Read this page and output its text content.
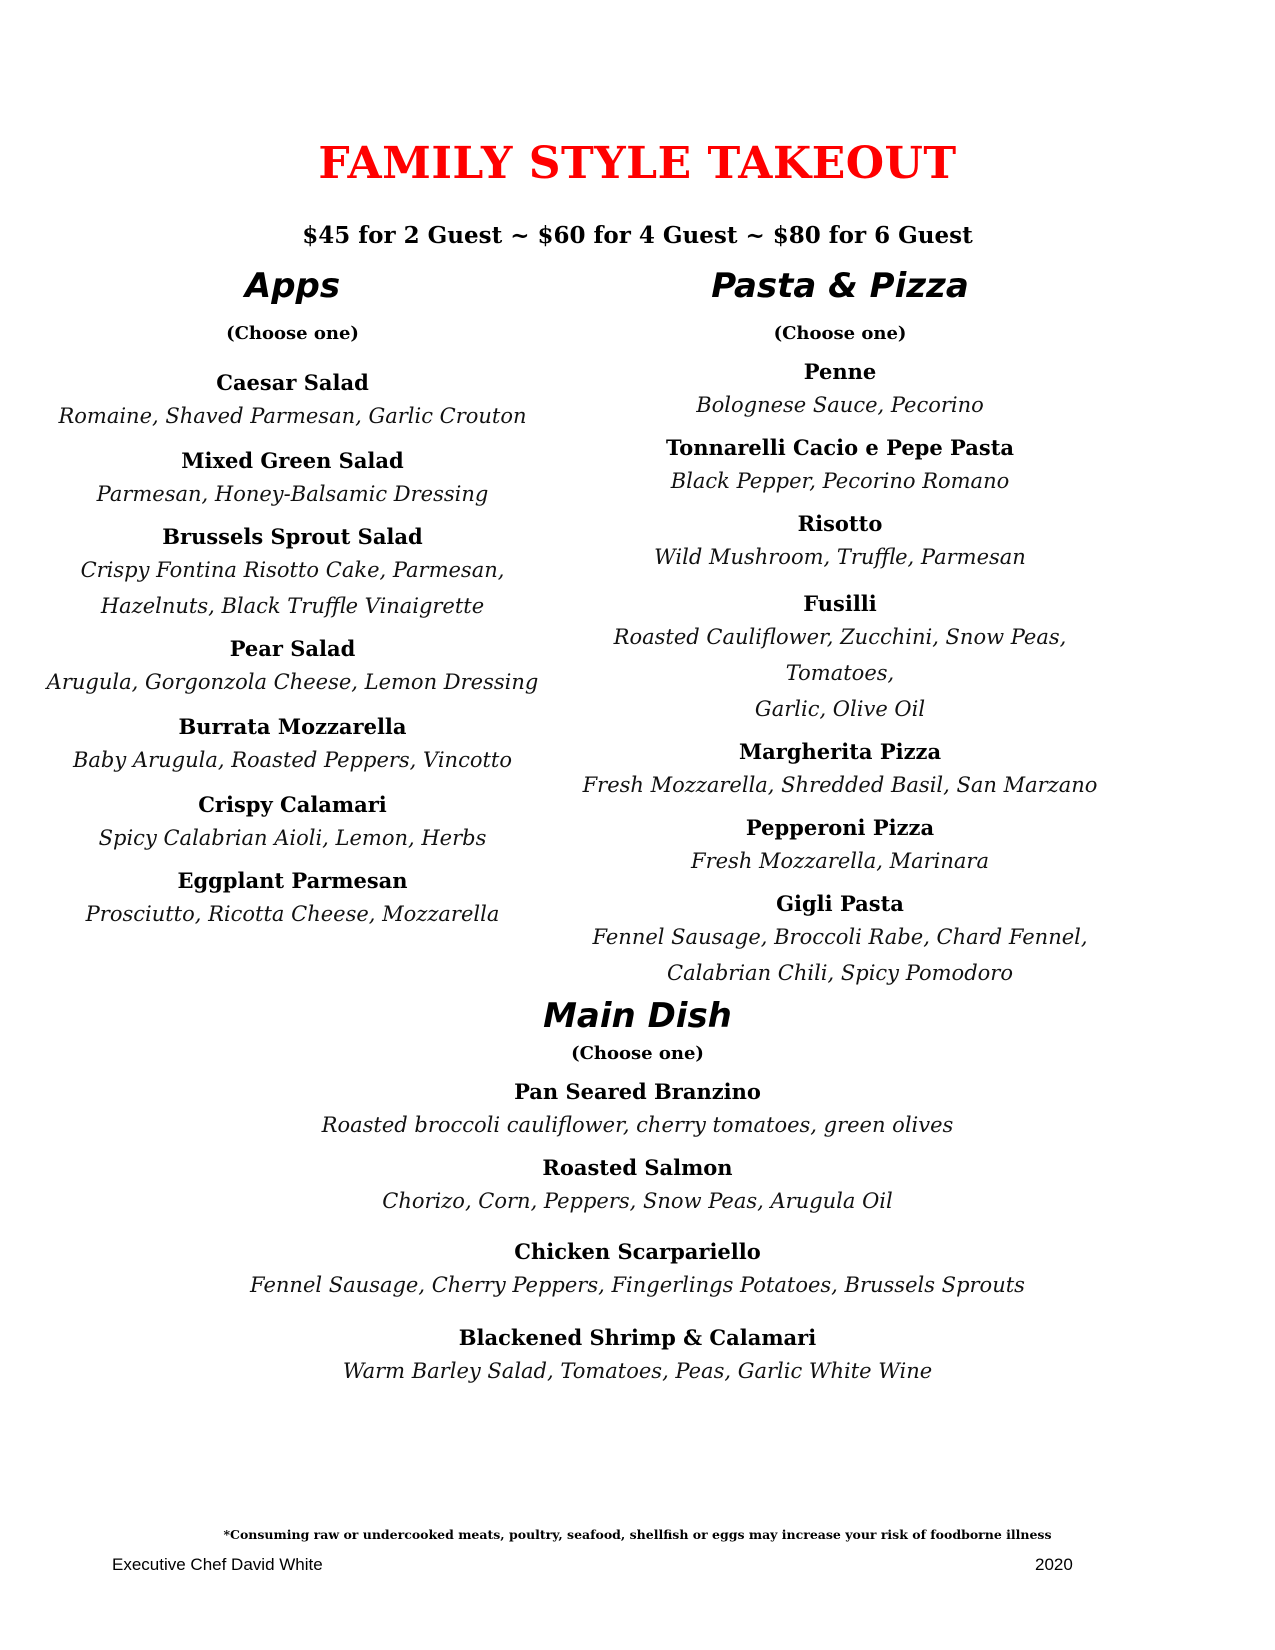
FAMILY STYLE TAKEOUT
$45 for 2 Guest ~ $60 for 4 Guest ~ $80 for 6 Guest
Apps
(Choose one)
Caesar Salad
Romaine, Shaved Parmesan, Garlic Crouton
Mixed Green Salad
Parmesan, Honey-Balsamic Dressing
Brussels Sprout Salad
Crispy Fontina Risotto Cake, Parmesan,
Hazelnuts, Black Truffle Vinaigrette
Pear Salad
Arugula, Gorgonzola Cheese, Lemon Dressing
Burrata Mozzarella
Baby Arugula, Roasted Peppers, Vincotto
Crispy Calamari
Spicy Calabrian Aioli, Lemon, Herbs
Eggplant Parmesan
Prosciutto, Ricotta Cheese, Mozzarella
Pasta & Pizza
(Choose one)
Penne
Bolognese Sauce, Pecorino
Tonnarelli Cacio e Pepe Pasta
Black Pepper, Pecorino Romano
Risotto
Wild Mushroom, Truffle, Parmesan
Fusilli
Roasted Cauliflower, Zucchini, Snow Peas, Tomatoes,
Garlic, Olive Oil
Margherita Pizza
Fresh Mozzarella, Shredded Basil, San Marzano
Pepperoni Pizza
Fresh Mozzarella, Marinara
Gigli Pasta
Fennel Sausage, Broccoli Rabe, Chard Fennel,
Calabrian Chili, Spicy Pomodoro
Main Dish
(Choose one)
Pan Seared Branzino
Roasted broccoli cauliflower, cherry tomatoes, green olives
Roasted Salmon
Chorizo, Corn, Peppers, Snow Peas, Arugula Oil
Chicken Scarpariello
Fennel Sausage, Cherry Peppers, Fingerlings Potatoes, Brussels Sprouts
Blackened Shrimp & Calamari
Warm Barley Salad, Tomatoes, Peas, Garlic White Wine
*Consuming raw or undercooked meats, poultry, seafood, shellfish or eggs may increase your risk of foodborne illness
Executive Chef David White	2020
